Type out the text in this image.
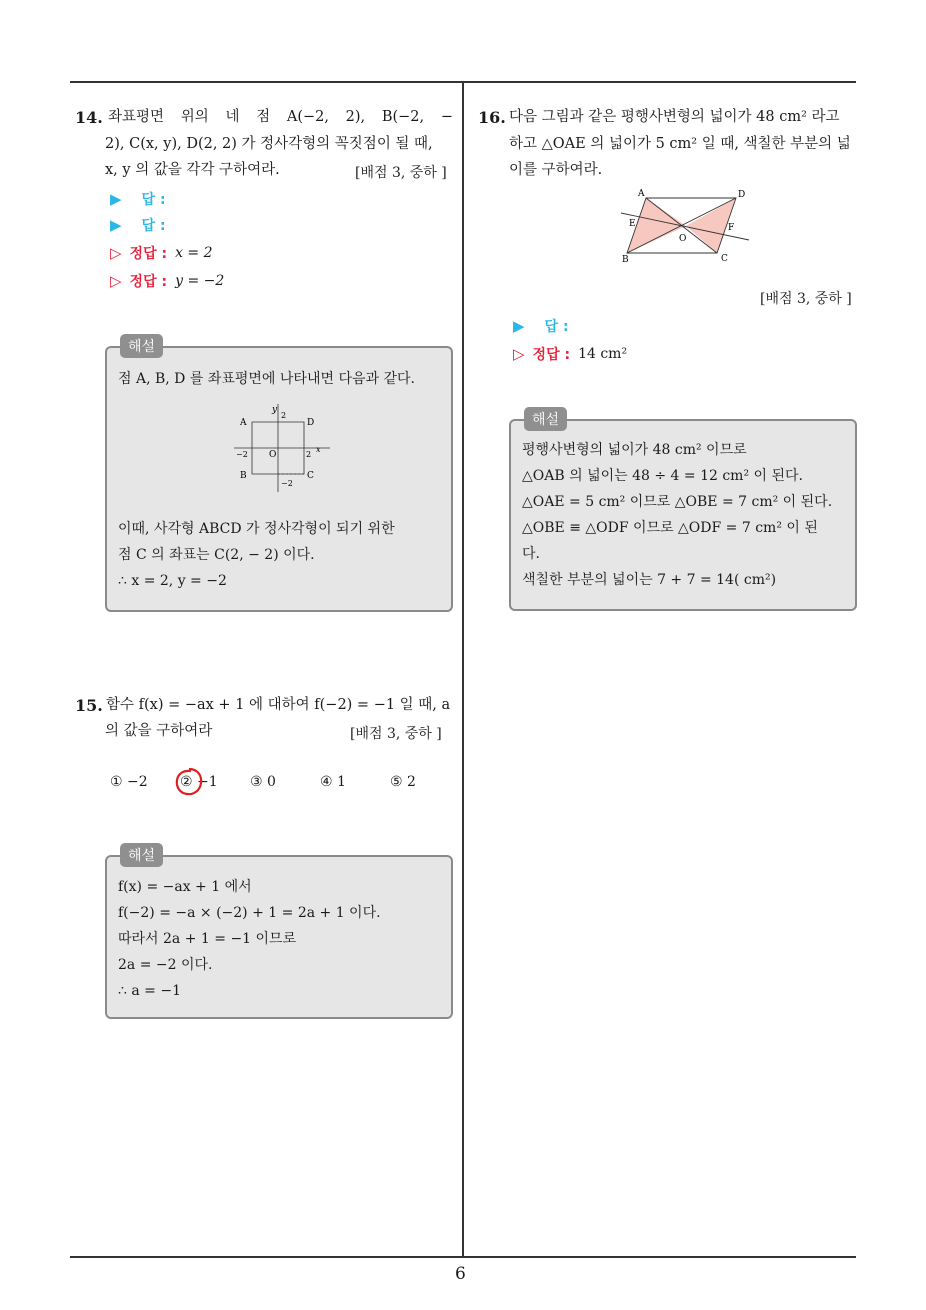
6
14. 좌표평면 위의 네 점 A(−2, 2), B(−2, −
2), C(x, y), D(2, 2) 가 정사각형의 꼭짓점이 될 때,
x, y 의 값을 각각 구하여라.	[배점 3, 중하 ]
▶ 답 :
▶ 답 :
▷ 정답 : x = 2
▷ 정답 : y = −2
해설
점 A, B, D 를 좌표평면에 나타내면 다음과 같다.
A	D
B	C
O
y
x
2
−2	2
−2
이때, 사각형 ABCD 가 정사각형이 되기 위한
점 C 의 좌표는 C(2, − 2) 이다.
∴ x = 2, y = −2
15. 함수 f(x) = −ax + 1 에 대하여 f(−2) = −1 일 때, a
의 값을 구하여라	[배점 3, 중하 ]
① −2 ② −1 ③ 0	④ 1	⑤ 2
해설
f(x) = −ax + 1 에서
f(−2) = −a × (−2) + 1 = 2a + 1 이다.
따라서 2a + 1 = −1 이므로
2a = −2 이다.
∴ a = −1
16. 다음 그림과 같은 평행사변형의 넓이가 48 cm² 라고
하고 △OAE 의 넓이가 5 cm² 일 때, 색칠한 부분의 넓
이를 구하여라.
A	D
B	C
E	F
O
[배점 3, 중하 ]
▶ 답 :
▷ 정답 : 14 cm²
해설
평행사변형의 넓이가 48 cm² 이므로
△OAB 의 넓이는 48 ÷ 4 = 12 cm² 이 된다.
△OAE = 5 cm² 이므로 △OBE = 7 cm² 이 된다.
△OBE ≡ △ODF 이므로 △ODF = 7 cm² 이 된
다.
색칠한 부분의 넓이는 7 + 7 = 14( cm²)
